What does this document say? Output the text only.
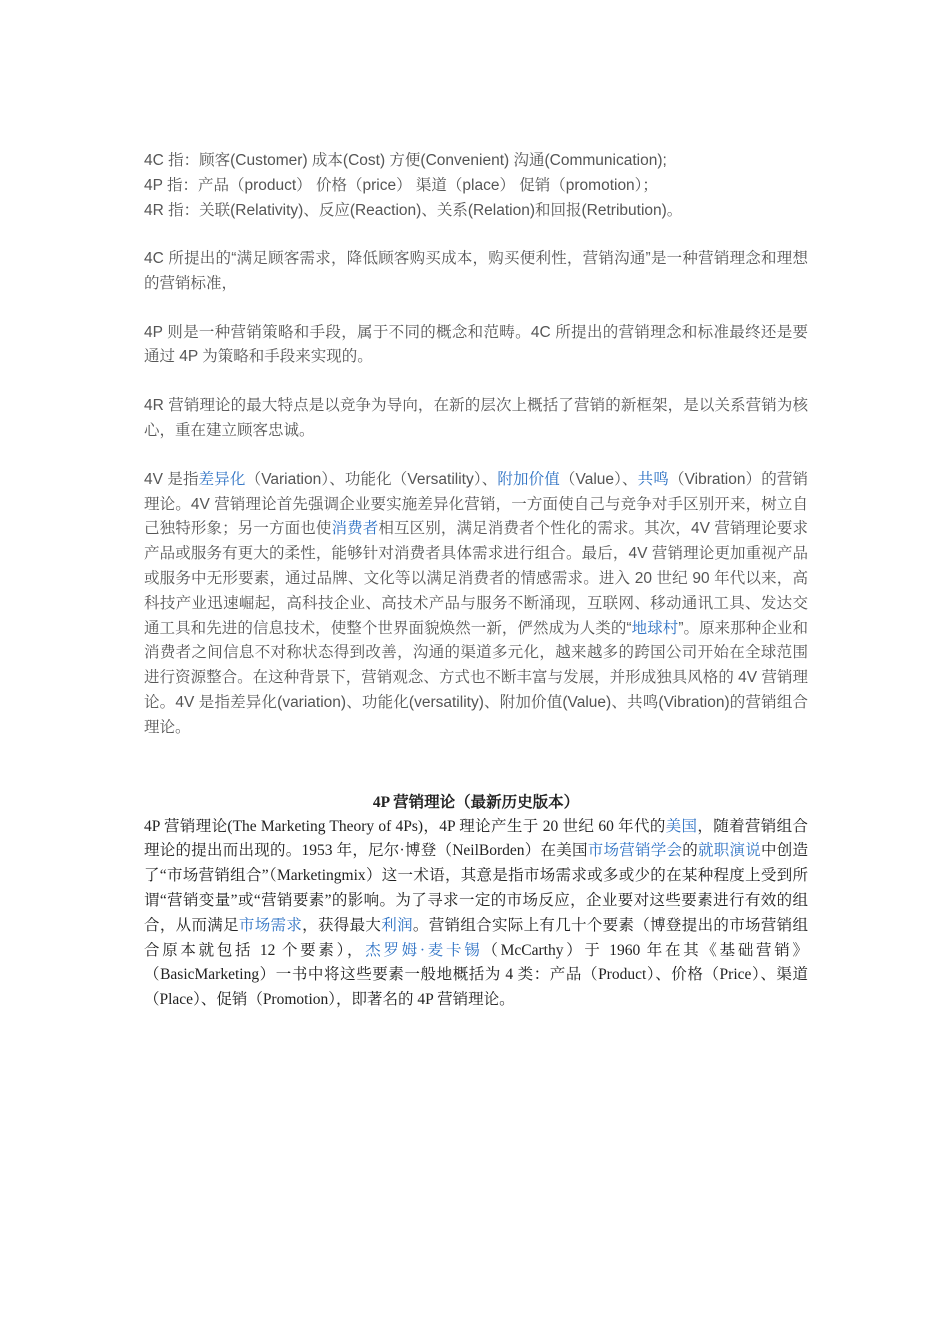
4C 指：顾客(Customer) 成本(Cost) 方便(Convenient) 沟通(Communication);
4P 指：产品（product） 价格（price） 渠道（place） 促销（promotion）；
4R 指：关联(Relativity)、反应(Reaction)、关系(Relation)和回报(Retribution)。

4C 所提出的“满足顾客需求，降低顾客购买成本，购买便利性，营销沟通”是一种营销理念和理想的营销标准，

4P 则是一种营销策略和手段，属于不同的概念和范畴。4C 所提出的营销理念和标准最终还是要通过 4P 为策略和手段来实现的。

4R 营销理论的最大特点是以竞争为导向，在新的层次上概括了营销的新框架，是以关系营销为核心，重在建立顾客忠诚。

4V 是指差异化（Variation）、功能化（Versatility）、附加价值（Value）、共鸣（Vibration）的营销理论。4V 营销理论首先强调企业要实施差异化营销，一方面使自己与竞争对手区别开来，树立自己独特形象；另一方面也使消费者相互区别，满足消费者个性化的需求。其次，4V 营销理论要求产品或服务有更大的柔性，能够针对消费者具体需求进行组合。最后，4V 营销理论更加重视产品或服务中无形要素，通过品牌、文化等以满足消费者的情感需求。进入 20 世纪 90 年代以来，高科技产业迅速崛起，高科技企业、高技术产品与服务不断涌现，互联网、移动通讯工具、发达交通工具和先进的信息技术，使整个世界面貌焕然一新，俨然成为人类的“地球村”。原来那种企业和消费者之间信息不对称状态得到改善，沟通的渠道多元化，越来越多的跨国公司开始在全球范围进行资源整合。在这种背景下，营销观念、方式也不断丰富与发展，并形成独具风格的 4V 营销理论。4V 是指差异化(variation)、功能化(versatility)、附加价值(Value)、共鸣(Vibration)的营销组合理论。

4P 营销理论（最新历史版本）

4P 营销理论(The Marketing Theory of 4Ps)，4P 理论产生于 20 世纪 60 年代的美国，随着营销组合理论的提出而出现的。1953 年，尼尔·博登（NeilBorden）在美国市场营销学会的就职演说中创造了“市场营销组合”（Marketingmix）这一术语，其意是指市场需求或多或少的在某种程度上受到所谓“营销变量”或“营销要素”的影响。为了寻求一定的市场反应，企业要对这些要素进行有效的组合，从而满足市场需求，获得最大利润。营销组合实际上有几十个要素（博登提出的市场营销组合原本就包括 12 个要素），杰罗姆·麦卡锡（McCarthy）于 1960 年在其《基础营销》（BasicMarketing）一书中将这些要素一般地概括为 4 类：产品（Product）、价格（Price）、渠道（Place）、促销（Promotion），即著名的 4P 营销理论。
